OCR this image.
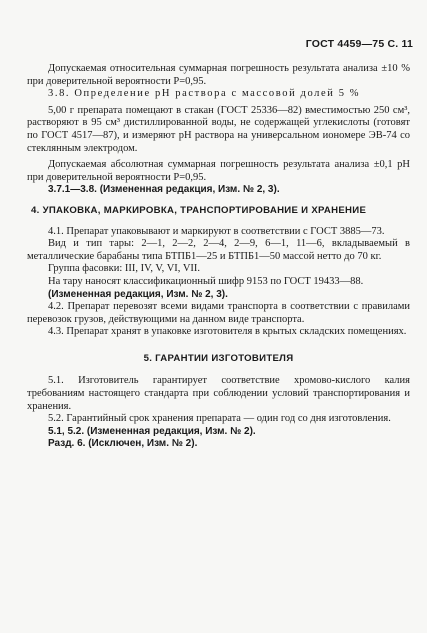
ГОСТ 4459—75 С. 11

Допускаемая относительная суммарная погрешность результата анализа ±10 % при доверительной вероятности P=0,95.

3.8. Определение pH раствора с массовой долей 5 %

5,00 г препарата помещают в стакан (ГОСТ 25336—82) вместимостью 250 см³, растворяют в 95 см³ дистиллированной воды, не содержащей углекислоты (готовят по ГОСТ 4517—87), и измеряют pH раствора на универсальном иономере ЭВ-74 со стеклянным электродом.

Допускаемая абсолютная суммарная погрешность результата анализа ±0,1 pH при доверительной вероятности P=0,95.

3.7.1—3.8. (Измененная редакция, Изм. № 2, 3).

4. УПАКОВКА, МАРКИРОВКА, ТРАНСПОРТИРОВАНИЕ И ХРАНЕНИЕ

4.1. Препарат упаковывают и маркируют в соответствии с ГОСТ 3885—73.

Вид и тип тары: 2—1, 2—2, 2—4, 2—9, 6—1, 11—6, вкладываемый в металлические барабаны типа БТПБ1—25 и БТПБ1—50 массой нетто до 70 кг.

Группа фасовки: III, IV, V, VI, VII.

На тару наносят классификационный шифр 9153 по ГОСТ 19433—88.

(Измененная редакция, Изм. № 2, 3).

4.2. Препарат перевозят всеми видами транспорта в соответствии с правилами перевозок грузов, действующими на данном виде транспорта.

4.3. Препарат хранят в упаковке изготовителя в крытых складских помещениях.

5. ГАРАНТИИ ИЗГОТОВИТЕЛЯ

5.1. Изготовитель гарантирует соответствие хромово-кислого калия требованиям настоящего стандарта при соблюдении условий транспортирования и хранения.

5.2. Гарантийный срок хранения препарата — один год со дня изготовления.

5.1, 5.2. (Измененная редакция, Изм. № 2).

Разд. 6. (Исключен, Изм. № 2).
